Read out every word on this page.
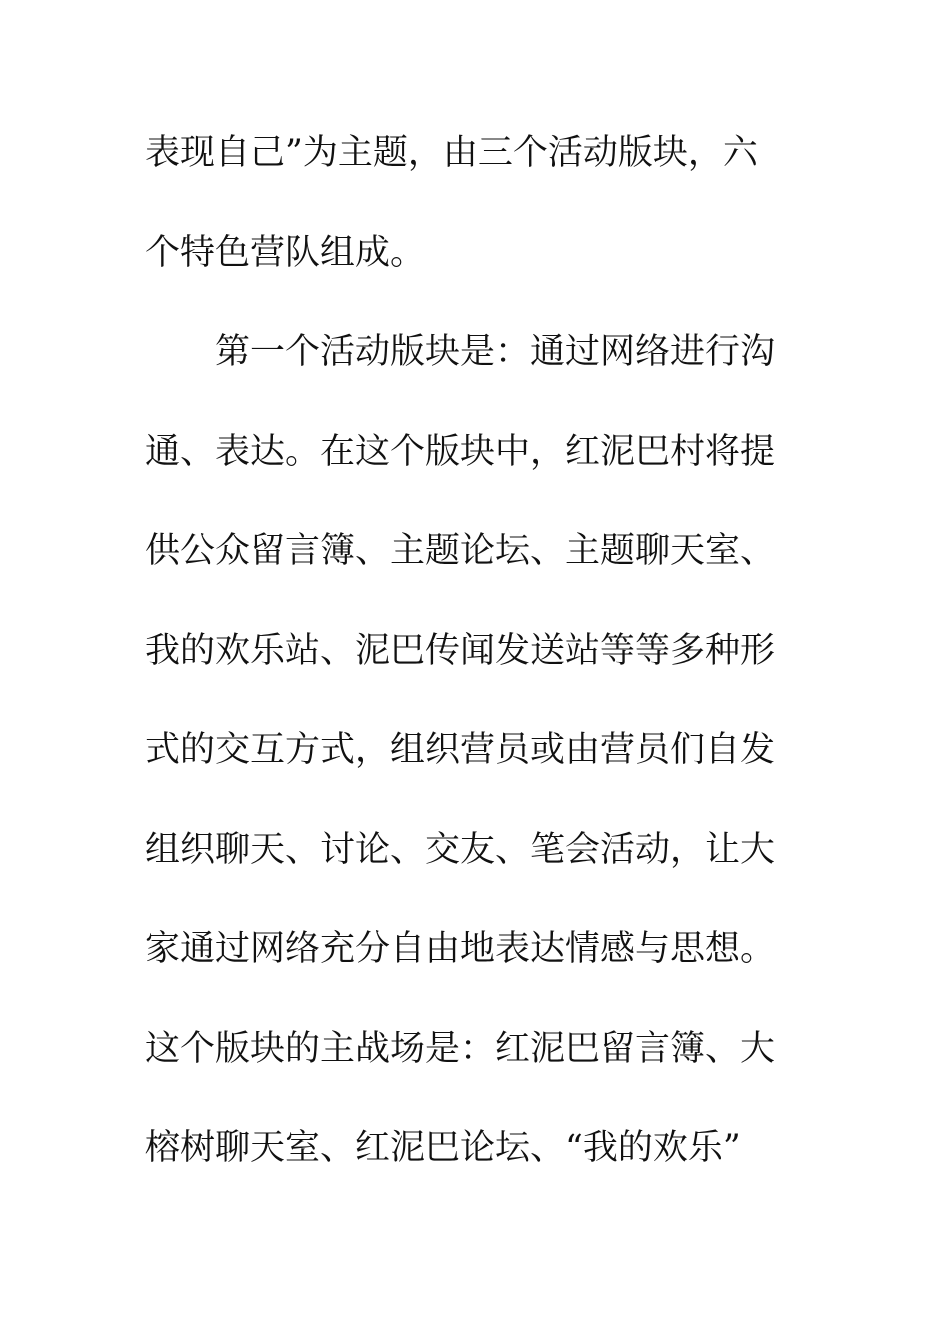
表现自己”为主题，由三个活动版块，六
个特色营队组成。
第一个活动版块是：通过网络进行沟
通、表达。在这个版块中，红泥巴村将提
供公众留言簿、主题论坛、主题聊天室、
我的欢乐站、泥巴传闻发送站等等多种形
式的交互方式，组织营员或由营员们自发
组织聊天、讨论、交友、笔会活动，让大
家通过网络充分自由地表达情感与思想。
这个版块的主战场是：红泥巴留言簿、大
榕树聊天室、红泥巴论坛、“我的欢乐”
